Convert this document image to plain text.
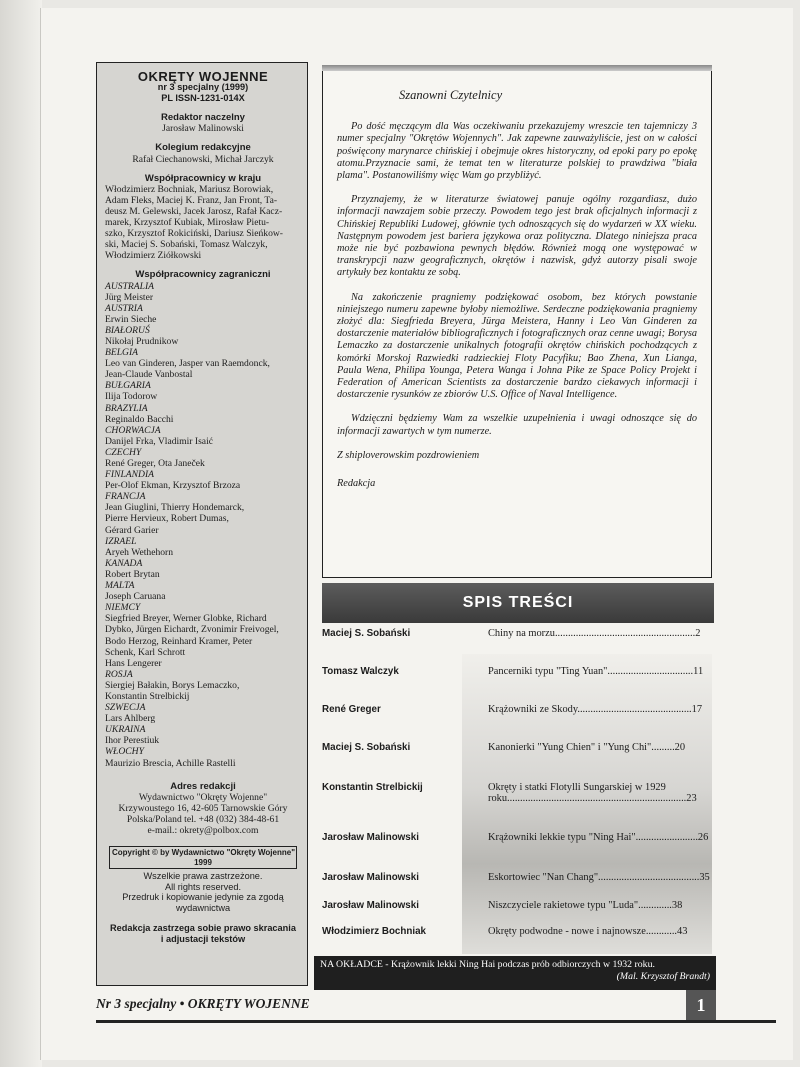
OKRĘTY WOJENNE
nr 3 specjalny (1999)
PL ISSN-1231-014X
Redaktor naczelny
Jarosław Malinowski
Kolegium redakcyjne
Rafał Ciechanowski, Michał Jarczyk
Współpracownicy w kraju
Włodzimierz Bochniak, Mariusz Borowiak,
Adam Fleks, Maciej K. Franz, Jan Front, Ta-
deusz M. Gelewski, Jacek Jarosz, Rafał Kacz-
marek, Krzysztof Kubiak, Mirosław Pietu-
szko, Krzysztof Rokiciński, Dariusz Sieńkow-
ski, Maciej S. Sobański, Tomasz Walczyk,
Włodzimierz Ziółkowski
Współpracownicy zagraniczni
AUSTRALIA
Jürg Meister
AUSTRIA
Erwin Sieche
BIAŁORUŚ
Nikołaj Prudnikow
BELGIA
Leo van Ginderen, Jasper van Raemdonck,
Jean-Claude Vanbostal
BUŁGARIA
Ilija Todorow
BRAZYLIA
Reginaldo Bacchi
CHORWACJA
Danijel Frka, Vladimir Isaić
CZECHY
René Greger, Ota Janeček
FINLANDIA
Per-Olof Ekman, Krzysztof Brzoza
FRANCJA
Jean Giuglini, Thierry Hondemarck,
Pierre Hervieux, Robert Dumas,
Gérard Garier
IZRAEL
Aryeh Wethehorn
KANADA
Robert Brytan
MALTA
Joseph Caruana
NIEMCY
Siegfried Breyer, Werner Globke, Richard
Dybko, Jürgen Eichardt, Zvonimir Freivogel,
Bodo Herzog, Reinhard Kramer, Peter
Schenk, Karl Schrott
Hans Lengerer
ROSJA
Siergiej Bałakin, Borys Lemaczko,
Konstantin Strelbickij
SZWECJA
Lars Ahlberg
UKRAINA
Ihor Perestiuk
WŁOCHY
Maurizio Brescia, Achille Rastelli
Adres redakcji
Wydawnictwo "Okręty Wojenne"
Krzywoustego 16, 42-605 Tarnowskie Góry
Polska/Poland tel. +48 (032) 384-48-61
e-mail.: okrety@polbox.com
Copyright © by Wydawnictwo "Okręty Wojenne"
1999
Wszelkie prawa zastrzeżone.
All rights reserved.
Przedruk i kopiowanie jedynie za zgodą
wydawnictwa
Redakcja zastrzega sobie prawo skracania
i adjustacji tekstów
Szanowni Czytelnicy

Po dość męczącym dla Was oczekiwaniu przekazujemy wreszcie ten tajemniczy 3 numer specjalny "Okrętów Wojennych". Jak zapewne zauważyliście, jest on w całości poświęcony marynarce chińskiej i obejmuje okres historyczny, od epoki pary po epokę atomu.Przyznacie sami, że temat ten w literaturze polskiej to prawdziwa "biała plama". Postanowiliśmy więc Wam go przybliżyć.

Przyznajemy, że w literaturze światowej panuje ogólny rozgardiasz, dużo informacji nawzajem sobie przeczy. Powodem tego jest brak oficjalnych informacji z Chińskiej Republiki Ludowej, głównie tych odnoszących się do wydarzeń w XX wieku. Następnym powodem jest bariera językowa oraz polityczna. Dlatego niniejsza praca może nie być pozbawiona pewnych błędów. Również mogą one występować w transkrypcji nazw geograficznych, okrętów i nazwisk, gdyż autorzy pisali swoje artykuły bez kontaktu ze sobą.

Na zakończenie pragniemy podziękować osobom, bez których powstanie niniejszego numeru zapewne byłoby niemożliwe. Serdeczne podziękowania pragniemy złożyć dla: Siegfrieda Breyera, Jürga Meistera, Hanny i Leo Van Ginderen za dostarczenie materiałów bibliograficznych i fotograficznych oraz cenne uwagi; Borysa Lemaczko za dostarczenie unikalnych fotografii okrętów chińskich pochodzących z komórki Morskoj Razwiedki radzieckiej Floty Pacyfiku; Bao Zhena, Xun Lianga, Paula Wena, Philipa Younga, Petera Wanga i Johna Pike ze Space Policy Projekt i Federation of American Scientists za dostarczenie bardzo ciekawych informacji i dostarczenie rysunków ze zbiorów U.S. Office of Naval Intelligence.

Wdzięczni będziemy Wam za wszelkie uzupełnienia i uwagi odnoszące się do informacji zawartych w tym numerze.

Z shiploverowskim pozdrowieniem

Redakcja

SPIS TREŚCI
Maciej S. Sobański	Chiny na morzu......................................................2
Tomasz Walczyk	Pancerniki typu "Ting Yuan".................................11
René Greger	Krążowniki ze Skody............................................17
Maciej S. Sobański	Kanonierki "Yung Chien" i "Yung Chi".........20
Konstantin Strelbickij	Okręty i statki Flotylli Sungarskiej w 1929 roku.....................................................................23
Jarosław Malinowski	Krążowniki lekkie typu "Ning Hai"........................26
Jarosław Malinowski	Eskortowiec "Nan Chang".......................................35
Jarosław Malinowski	Niszczyciele rakietowe typu "Luda".............38
Włodzimierz Bochniak	Okręty podwodne - nowe i najnowsze............43
NA OKŁADCE - Krążownik lekki Ning Hai podczas prób odbiorczych w 1932 roku.
(Mal. Krzysztof Brandt)
Nr 3 specjalny • OKRĘTY WOJENNE	1
